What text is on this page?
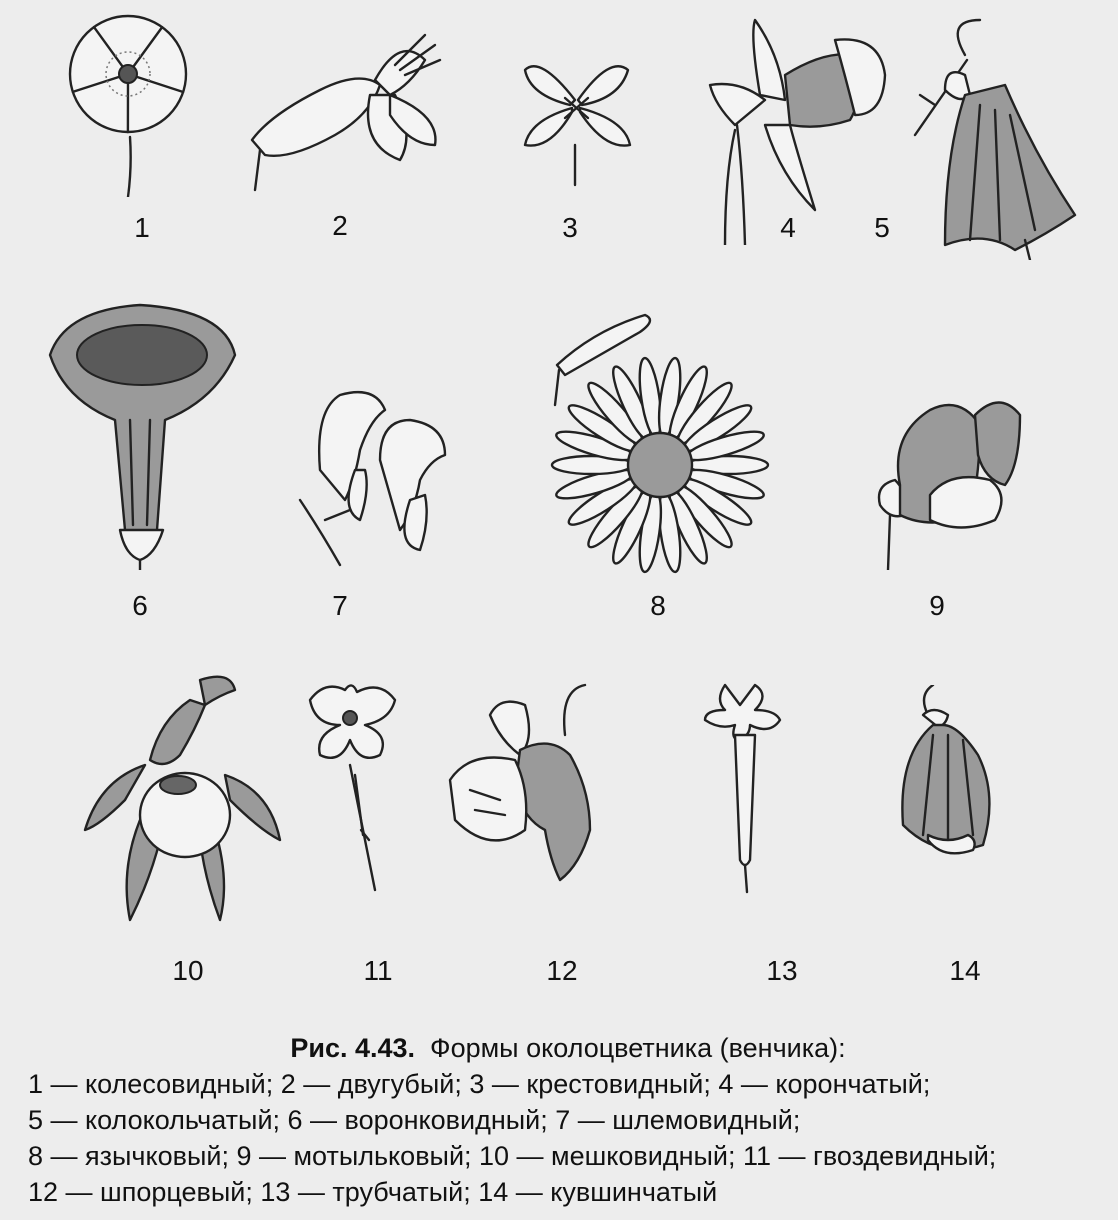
1	2	3	4	5
6	7	8	9
10	11	12	13	14
Рис. 4.43. Формы околоцветника (венчика):
1 — колесовидный; 2 — двугубый; 3 — крестовидный; 4 — корончатый;
5 — колокольчатый; 6 — воронковидный; 7 — шлемовидный;
8 — язычковый; 9 — мотыльковый; 10 — мешковидный; 11 — гвоздевидный;
12 — шпорцевый; 13 — трубчатый; 14 — кувшинчатый
